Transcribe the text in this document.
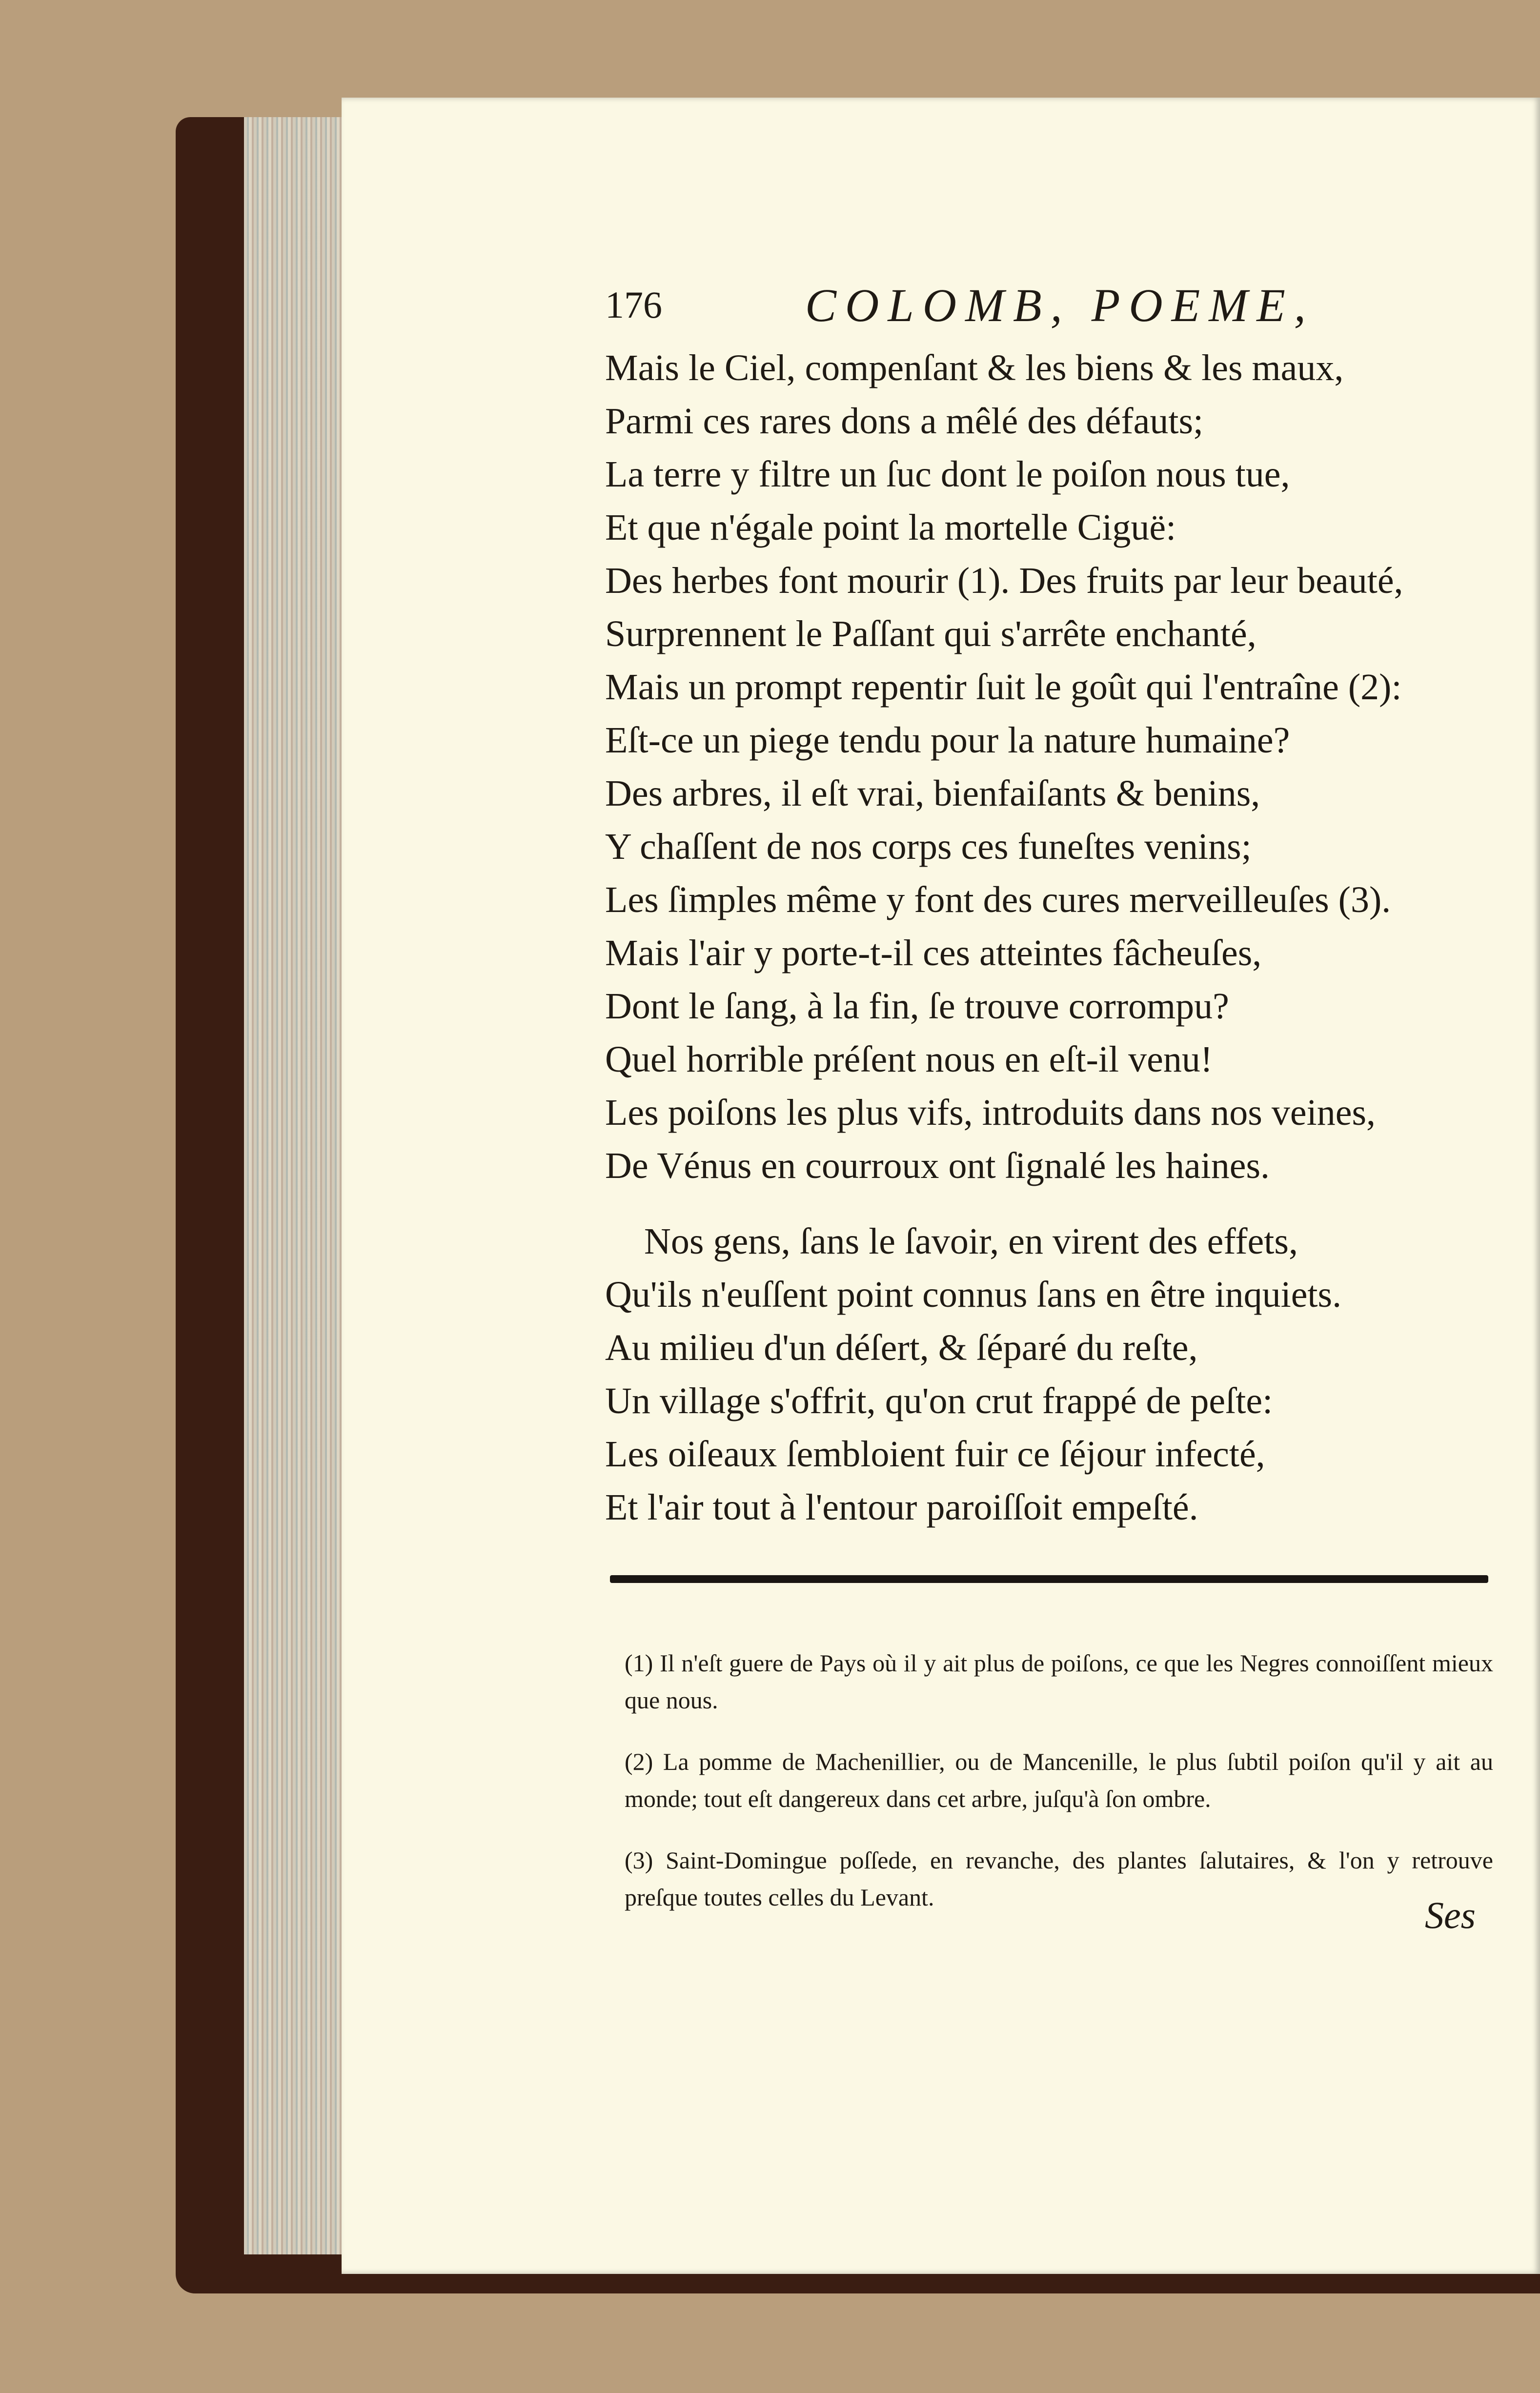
176	COLOMB, POEME,
Mais le Ciel, compenſant & les biens & les maux,
Parmi ces rares dons a mêlé des défauts;
La terre y filtre un ſuc dont le poiſon nous tue,
Et que n'égale point la mortelle Ciguë:
Des herbes font mourir (1). Des fruits par leur beauté,
Surprennent le Paſſant qui s'arrête enchanté,
Mais un prompt repentir ſuit le goût qui l'entraîne (2):
Eſt-ce un piege tendu pour la nature humaine?
Des arbres, il eſt vrai, bienfaiſants & benins,
Y chaſſent de nos corps ces funeſtes venins;
Les ſimples même y font des cures merveilleuſes (3).
Mais l'air y porte-t-il ces atteintes fâcheuſes,
Dont le ſang, à la fin, ſe trouve corrompu?
Quel horrible préſent nous en eſt-il venu!
Les poiſons les plus vifs, introduits dans nos veines,
De Vénus en courroux ont ſignalé les haines.
Nos gens, ſans le ſavoir, en virent des effets,
Qu'ils n'euſſent point connus ſans en être inquiets.
Au milieu d'un déſert, & ſéparé du reſte,
Un village s'offrit, qu'on crut frappé de peſte:
Les oiſeaux ſembloient fuir ce ſéjour infecté,
Et l'air tout à l'entour paroiſſoit empeſté.

(1) Il n'eſt guere de Pays où il y ait plus de poiſons, ce que les Negres connoiſſent mieux que nous.

(2) La pomme de Machenillier, ou de Mancenille, le plus ſubtil poiſon qu'il y ait au monde; tout eſt dangereux dans cet arbre, juſqu'à ſon ombre.

(3) Saint-Domingue poſſede, en revanche, des plantes ſalutaires, & l'on y retrouve preſque toutes celles du Levant.	Ses
